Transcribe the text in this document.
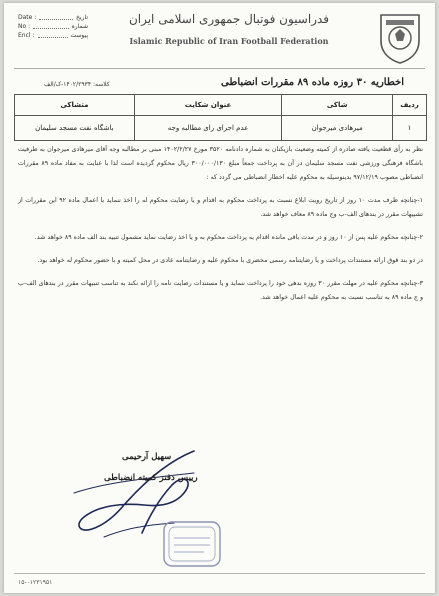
Date :	تاریخ
No :	شماره
Encl :	پیوست
فدراسیون فوتبال جمهوری اسلامی ایران
Islamic Republic of Iran Football Federation
اخطاریه ۳۰ روزه ماده ۸۹ مقررات انضباطی
کلاسه: ۱۴۰۲/۲۹۳۴-ک/الف
ردیف	شاکی	عنوان شکایت	متشاکی
۱	میرهادی میرجوان	عدم اجرای رای مطالبه وجه	باشگاه نفت مسجد سلیمان

نظر به رأی قطعیت یافته صادره از کمیته وضعیت بازیکنان به شماره دادنامه ۳۵۲۰ مورخ ۱۴۰۲/۲/۲۷ مبنی بر مطالبه وجه آقای میرهادی میرجوان به طرفیت باشگاه فرهنگی ورزشی نفت مسجد سلیمان در آن به پرداخت جمعاً مبلغ ۳۰۰/۰۰۰/۱۳۰ ریال محکوم گردیده است لذا با عنایت به مفاد ماده ۸۹ مقررات انضباطی مصوب ۹۷/۱۲/۱۹ بدینوسیله به محکوم علیه اخطار انضباطی می گردد که :

۱-چنانچه ظرف مدت ۱۰ روز از تاریخ رویت ابلاغ نسبت به پرداخت محکوم به اقدام و یا رضایت محکوم له را اخذ ننماید با اعمال ماده ۹۲ این مقررات از تشبیهات مقرر در بندهای الف-ب وج ماده ۸۹ معاف خواهد شد.

۲-چنانچه محکوم علیه پس از ۱۰ روز و در مدت باقی مانده اقدام به پرداخت محکوم به و یا اخذ رضایت نماید مشمول تنبیه بند الف ماده ۸۹ خواهد شد.

در دو بند فوق ارائه مستندات پرداخت و یا رضایتنامه رسمی محضری با محکوم علیه و رضایتنامه عادی در محل کمیته و با حضور محکوم له خواهد بود.

۳-چنانچه محکوم علیه در مهلت مقرر ۳۰ روزه بدهی خود را پرداخت ننماید و یا مستندات رضایت نامه را ارائه نکند به تناسب تنبیهات مقرر در بندهای الف-ب و ج ماده ۸۹ به تناسب نسبت به محکوم علیه اعمال خواهد شد.

سهیل آرحیمی
رییس دفتر کمیته انضباطی
۱۵-۰۱۲۳۱۹۵۱
